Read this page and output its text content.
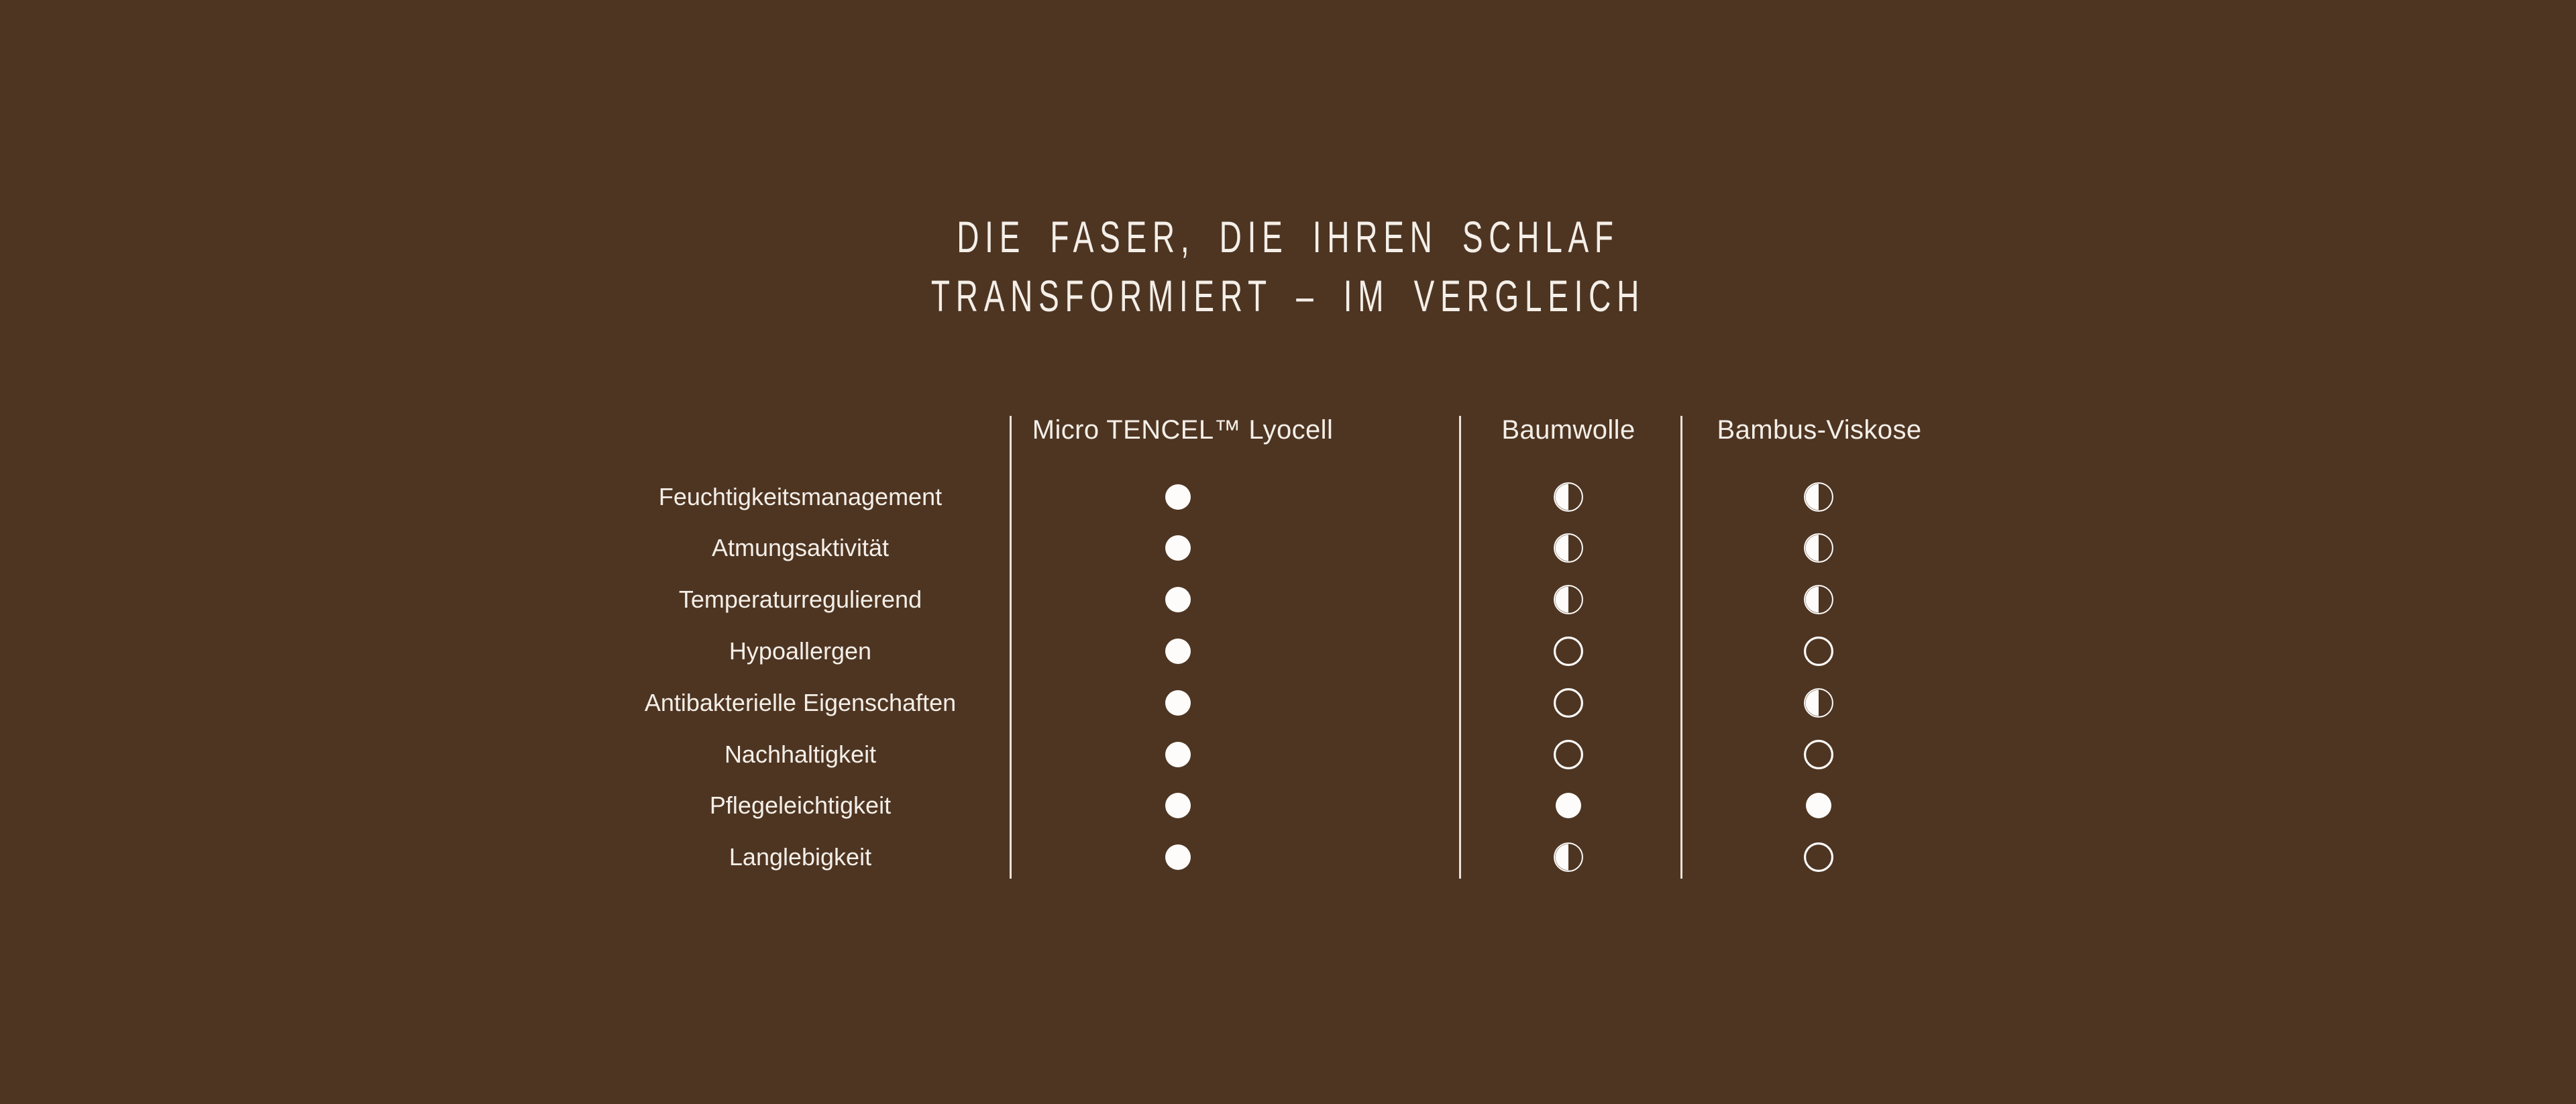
DIE FASER, DIE IHREN SCHLAF
TRANSFORMIERT – IM VERGLEICH
Micro TENCEL™ Lyocell	Baumwolle	Bambus-Viskose
Feuchtigkeitsmanagement
Atmungsaktivität
Temperaturregulierend
Hypoallergen
Antibakterielle Eigenschaften
Nachhaltigkeit
Pflegeleichtigkeit
Langlebigkeit
